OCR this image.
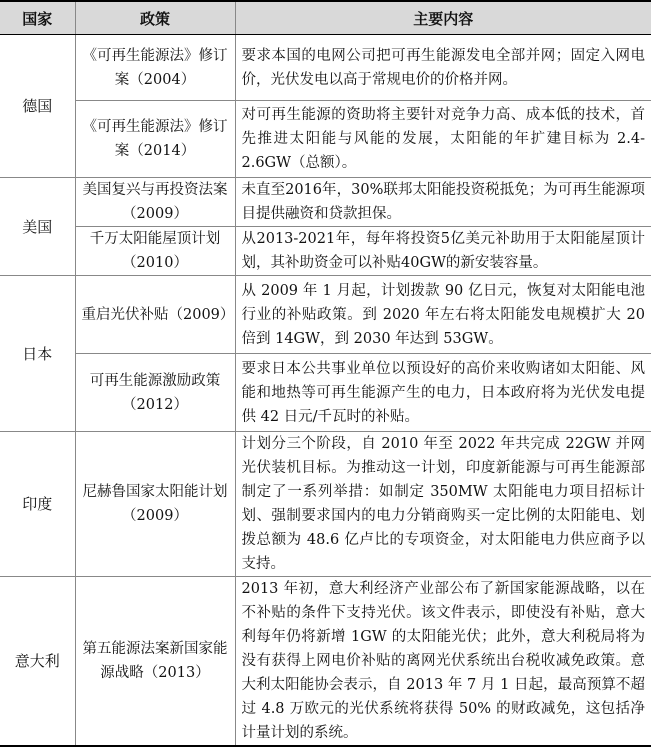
国家	政策	主要内容
德国	《可再生能源法》修订案（2004）	要求本国的电网公司把可再生能源发电全部并网；固定入网电价，光伏发电以高于常规电价的价格并网。
	《可再生能源法》修订案（2014）	对可再生能源的资助将主要针对竞争力高、成本低的技术，首先推进太阳能与风能的发展，太阳能的年扩建目标为 2.4-2.6GW（总额）。
美国	美国复兴与再投资法案（2009）	未直至2016年，30%联邦太阳能投资税抵免；为可再生能源项目提供融资和贷款担保。
	千万太阳能屋顶计划（2010）	从2013-2021年，每年将投资5亿美元补助用于太阳能屋顶计划，其补助资金可以补贴40GW的新安装容量。
日本	重启光伏补贴（2009）	从 2009 年 1 月起，计划拨款 90 亿日元，恢复对太阳能电池行业的补贴政策。到 2020 年左右将太阳能发电规模扩大 20 倍到 14GW，到 2030 年达到 53GW。
	可再生能源激励政策（2012）	要求日本公共事业单位以预设好的高价来收购诸如太阳能、风能和地热等可再生能源产生的电力，日本政府将为光伏发电提供 42 日元/千瓦时的补贴。
印度	尼赫鲁国家太阳能计划（2009）	计划分三个阶段，自 2010 年至 2022 年共完成 22GW 并网光伏装机目标。为推动这一计划，印度新能源与可再生能源部制定了一系列举措：如制定 350MW 太阳能电力项目招标计划、强制要求国内的电力分销商购买一定比例的太阳能电、划拨总额为 48.6 亿卢比的专项资金，对太阳能电力供应商予以支持。
意大利	第五能源法案新国家能源战略（2013）	2013 年初，意大利经济产业部公布了新国家能源战略，以在不补贴的条件下支持光伏。该文件表示，即使没有补贴，意大利每年仍将新增 1GW 的太阳能光伏；此外，意大利税局将为没有获得上网电价补贴的离网光伏系统出台税收减免政策。意大利太阳能协会表示，自 2013 年 7 月 1 日起，最高预算不超过 4.8 万欧元的光伏系统将获得 50% 的财政减免，这包括净计量计划的系统。
